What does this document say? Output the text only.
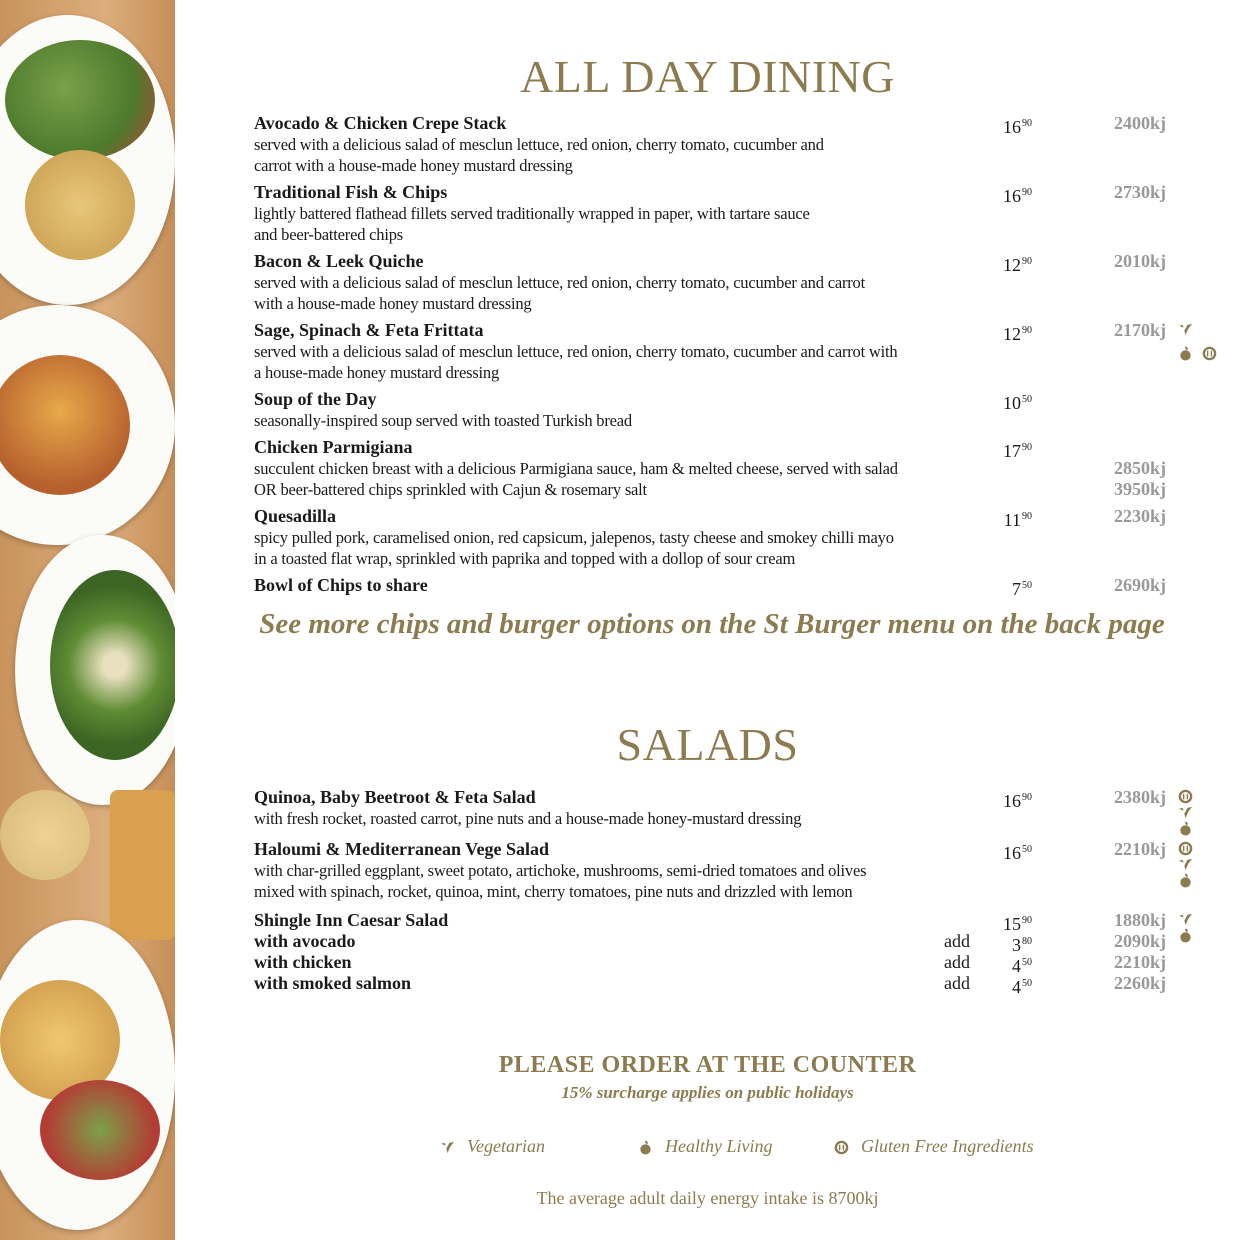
ALL DAY DINING
Avocado & Chicken Crepe Stack	$16^{90}$	2400kj
served with a delicious salad of mesclun lettuce, red onion, cherry tomato, cucumber and
carrot with a house-made honey mustard dressing
Traditional Fish & Chips	$16^{90}$	2730kj
lightly battered flathead fillets served traditionally wrapped in paper, with tartare sauce
and beer-battered chips
Bacon & Leek Quiche	$12^{90}$	2010kj
served with a delicious salad of mesclun lettuce, red onion, cherry tomato, cucumber and carrot
with a house-made honey mustard dressing
Sage, Spinach & Feta Frittata	$12^{90}$	2170kj
served with a delicious salad of mesclun lettuce, red onion, cherry tomato, cucumber and carrot with
a house-made honey mustard dressing
Soup of the Day	$10^{50}$
seasonally-inspired soup served with toasted Turkish bread
Chicken Parmigiana	$17^{90}$
succulent chicken breast with a delicious Parmigiana sauce, ham & melted cheese, served with salad	2850kj
OR beer-battered chips sprinkled with Cajun & rosemary salt	3950kj
Quesadilla	$11^{90}$	2230kj
spicy pulled pork, caramelised onion, red capsicum, jalepenos, tasty cheese and smokey chilli mayo
in a toasted flat wrap, sprinkled with paprika and topped with a dollop of sour cream
Bowl of Chips to share	$7^{50}$	2690kj
See more chips and burger options on the St Burger menu on the back page
SALADS
Quinoa, Baby Beetroot & Feta Salad	$16^{90}$	2380kj
with fresh rocket, roasted carrot, pine nuts and a house-made honey-mustard dressing
Haloumi & Mediterranean Vege Salad	$16^{50}$	2210kj
with char-grilled eggplant, sweet potato, artichoke, mushrooms, semi-dried tomatoes and olives
mixed with spinach, rocket, quinoa, mint, cherry tomatoes, pine nuts and drizzled with lemon
Shingle Inn Caesar Salad	$15^{90}$	1880kj
with avocado	add $3^{80}$	2090kj
with chicken	add $4^{50}$	2210kj
with smoked salmon	add $4^{50}$	2260kj
PLEASE ORDER AT THE COUNTER
15% surcharge applies on public holidays
Vegetarian	Healthy Living	Gluten Free Ingredients
The average adult daily energy intake is 8700kj
